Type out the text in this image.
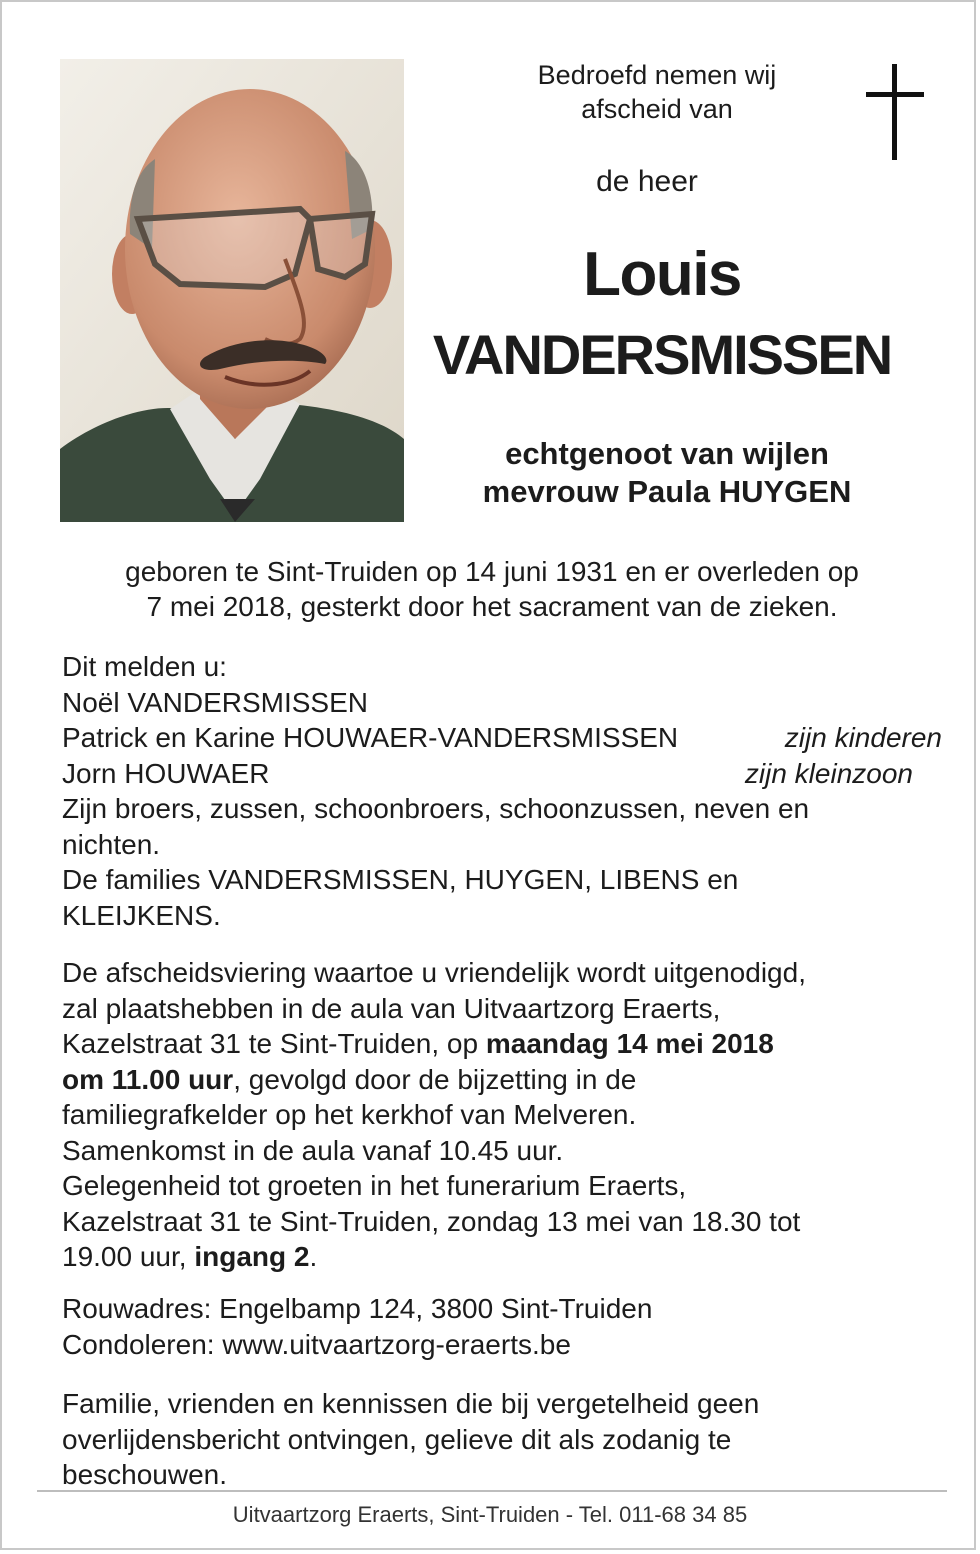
Bedroefd nemen wij
afscheid van
de heer
Louis
VANDERSMISSEN
echtgenoot van wijlen
mevrouw Paula HUYGEN
geboren te Sint-Truiden op 14 juni 1931 en er overleden op
7 mei 2018, gesterkt door het sacrament van de zieken.

Dit melden u:

Noël VANDERSMISSEN

Patrick en Karine HOUWAER-VANDERSMISSEN	zijn kinderen
Jorn HOUWAER	zijn kleinzoon

Zijn broers, zussen, schoonbroers, schoonzussen, neven en

nichten.

De families VANDERSMISSEN, HUYGEN, LIBENS en

KLEIJKENS.

De afscheidsviering waartoe u vriendelijk wordt uitgenodigd,

zal plaatshebben in de aula van Uitvaartzorg Eraerts,

Kazelstraat 31 te Sint-Truiden, op maandag 14 mei 2018

om 11.00 uur, gevolgd door de bijzetting in de

familiegrafkelder op het kerkhof van Melveren.

Samenkomst in de aula vanaf 10.45 uur.

Gelegenheid tot groeten in het funerarium Eraerts,

Kazelstraat 31 te Sint-Truiden, zondag 13 mei van 18.30 tot

19.00 uur, ingang 2.

Rouwadres: Engelbamp 124, 3800 Sint-Truiden

Condoleren: www.uitvaartzorg-eraerts.be

Familie, vrienden en kennissen die bij vergetelheid geen

overlijdensbericht ontvingen, gelieve dit als zodanig te

beschouwen.

Uitvaartzorg Eraerts, Sint-Truiden - Tel. 011-68 34 85
